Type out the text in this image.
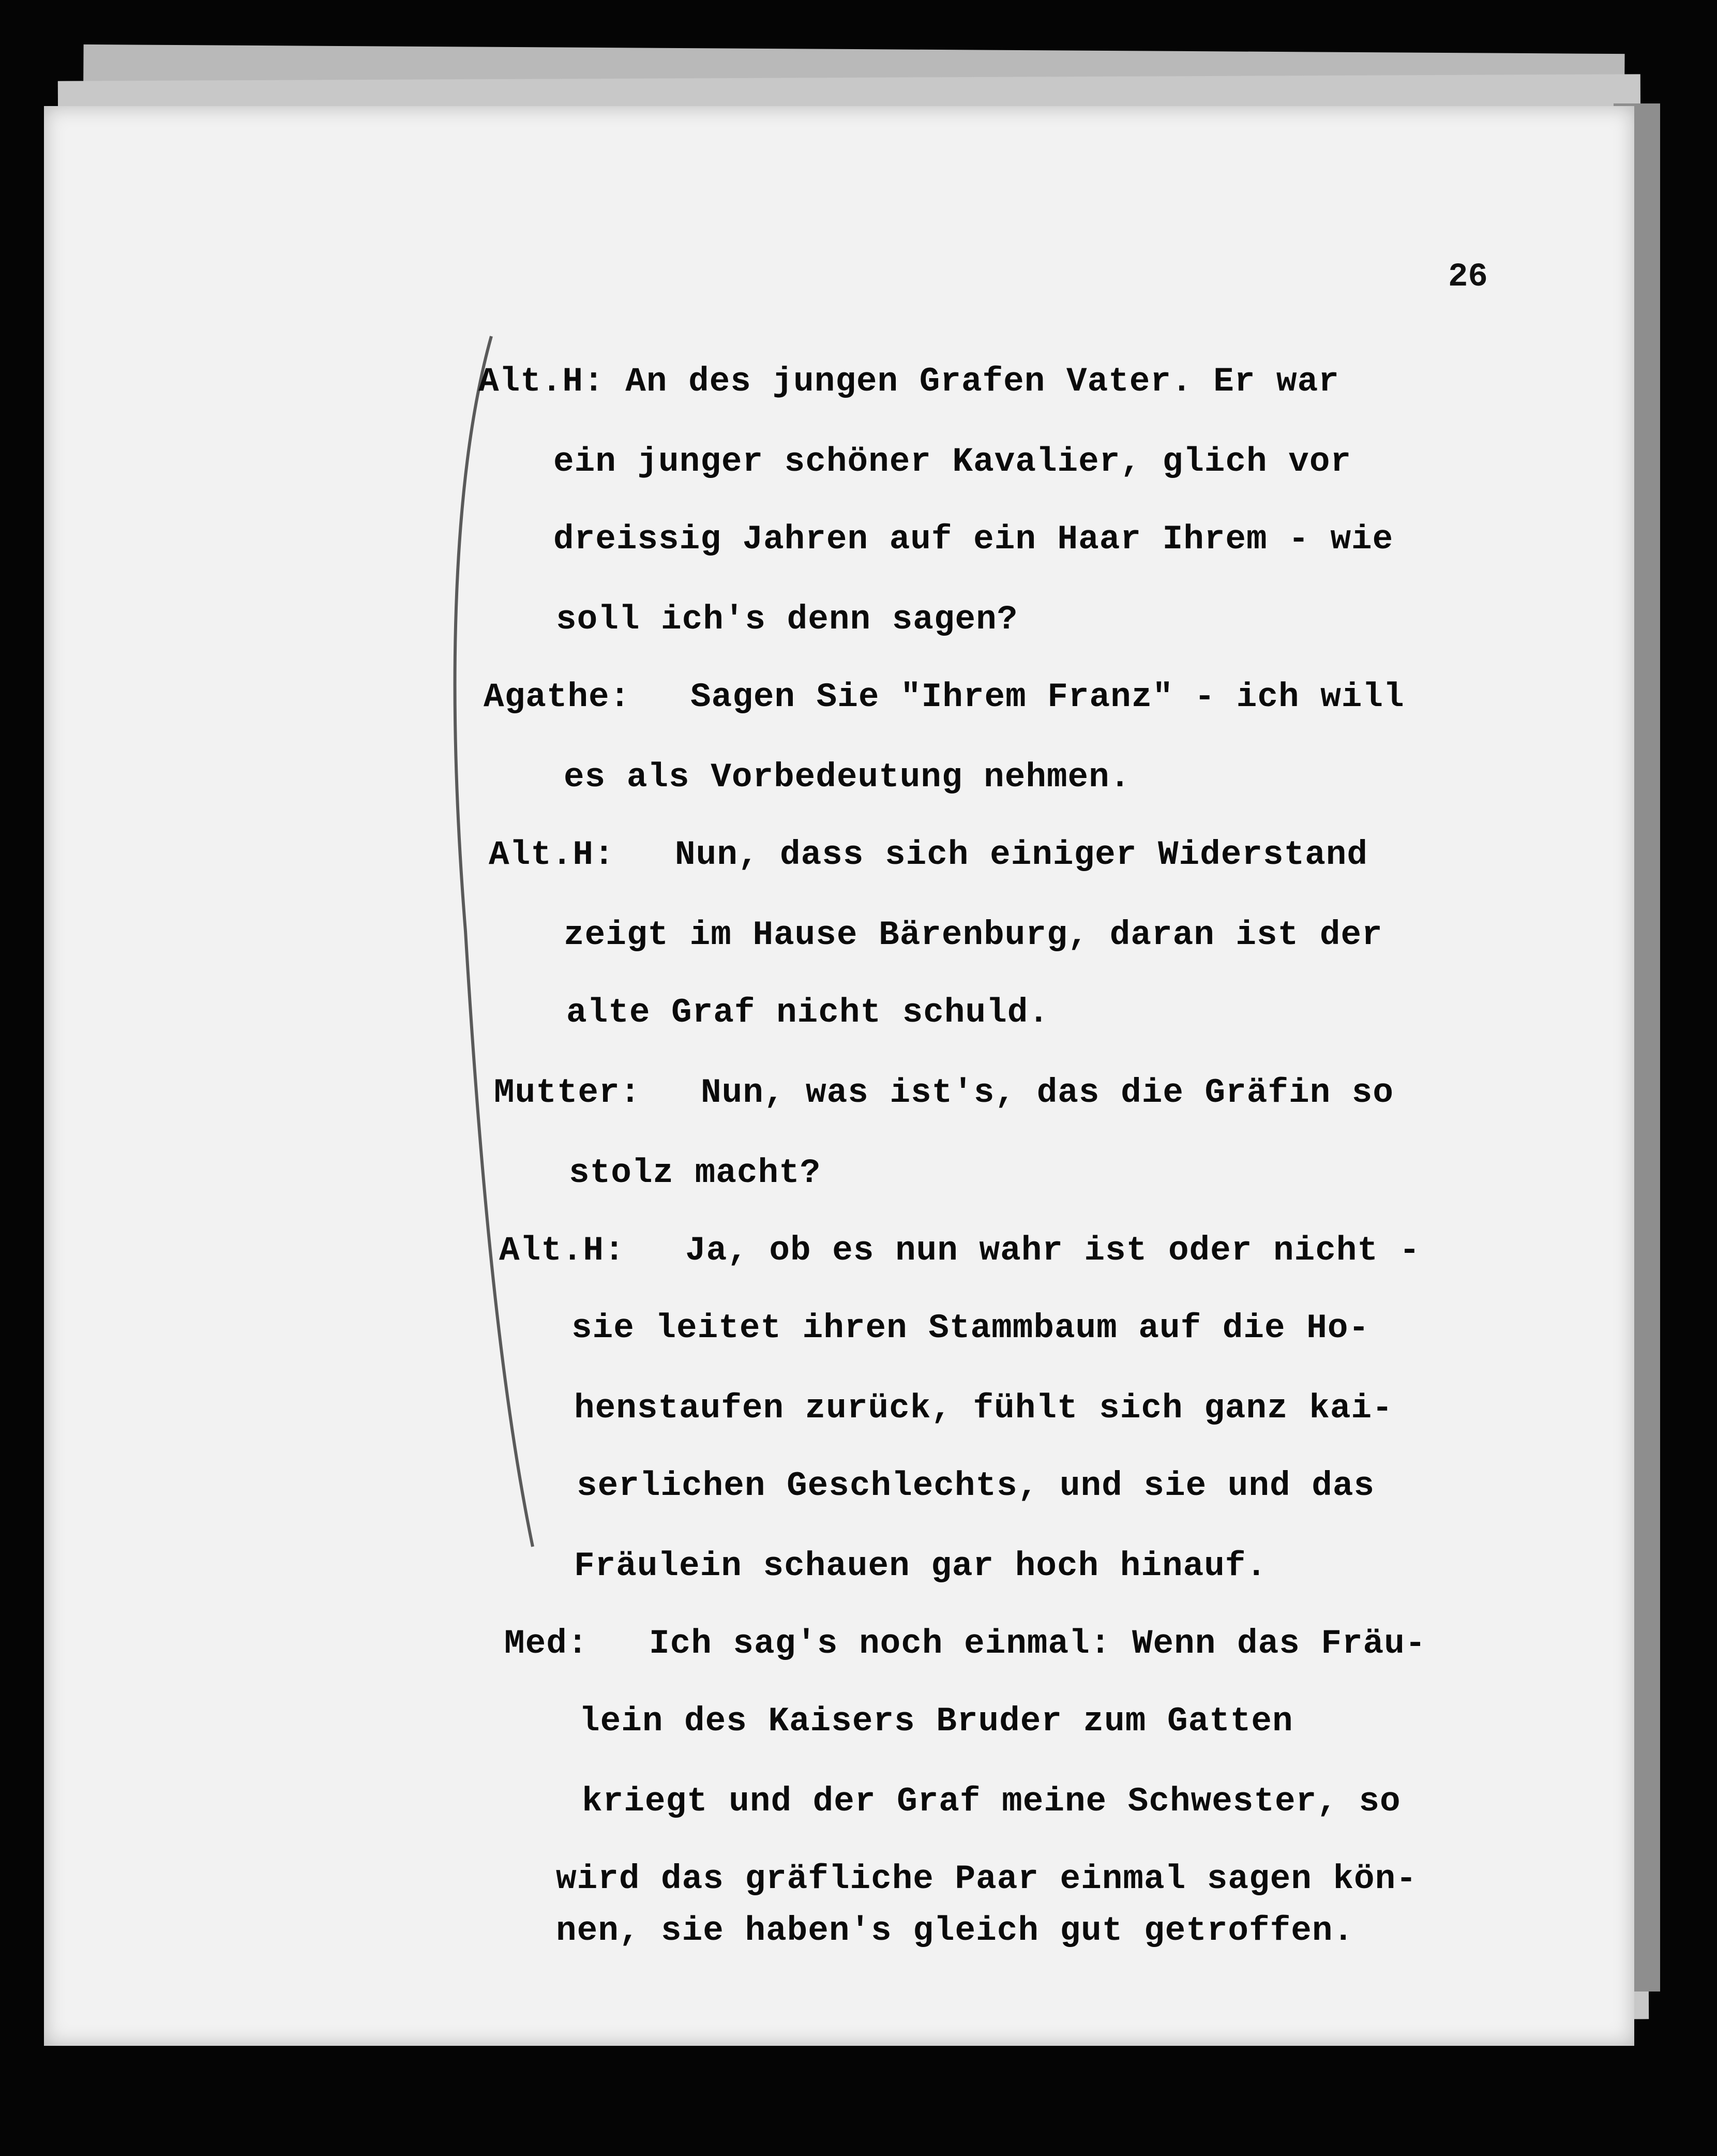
26
Alt.H: An des jungen Grafen Vater. Er war
ein junger schöner Kavalier, glich vor
dreissig Jahren auf ein Haar Ihrem - wie
soll ich's denn sagen?
Agathe: Sagen Sie "Ihrem Franz" - ich will
es als Vorbedeutung nehmen.
Alt.H: Nun, dass sich einiger Widerstand
zeigt im Hause Bärenburg, daran ist der
alte Graf nicht schuld.
Mutter: Nun, was ist's, das die Gräfin so
stolz macht?
Alt.H: Ja, ob es nun wahr ist oder nicht -
sie leitet ihren Stammbaum auf die Ho-
henstaufen zurück, fühlt sich ganz kai-
serlichen Geschlechts, und sie und das
Fräulein schauen gar hoch hinauf.
Med: Ich sag's noch einmal: Wenn das Fräu-
lein des Kaisers Bruder zum Gatten
kriegt und der Graf meine Schwester, so
wird das gräfliche Paar einmal sagen kön-
nen, sie haben's gleich gut getroffen.
